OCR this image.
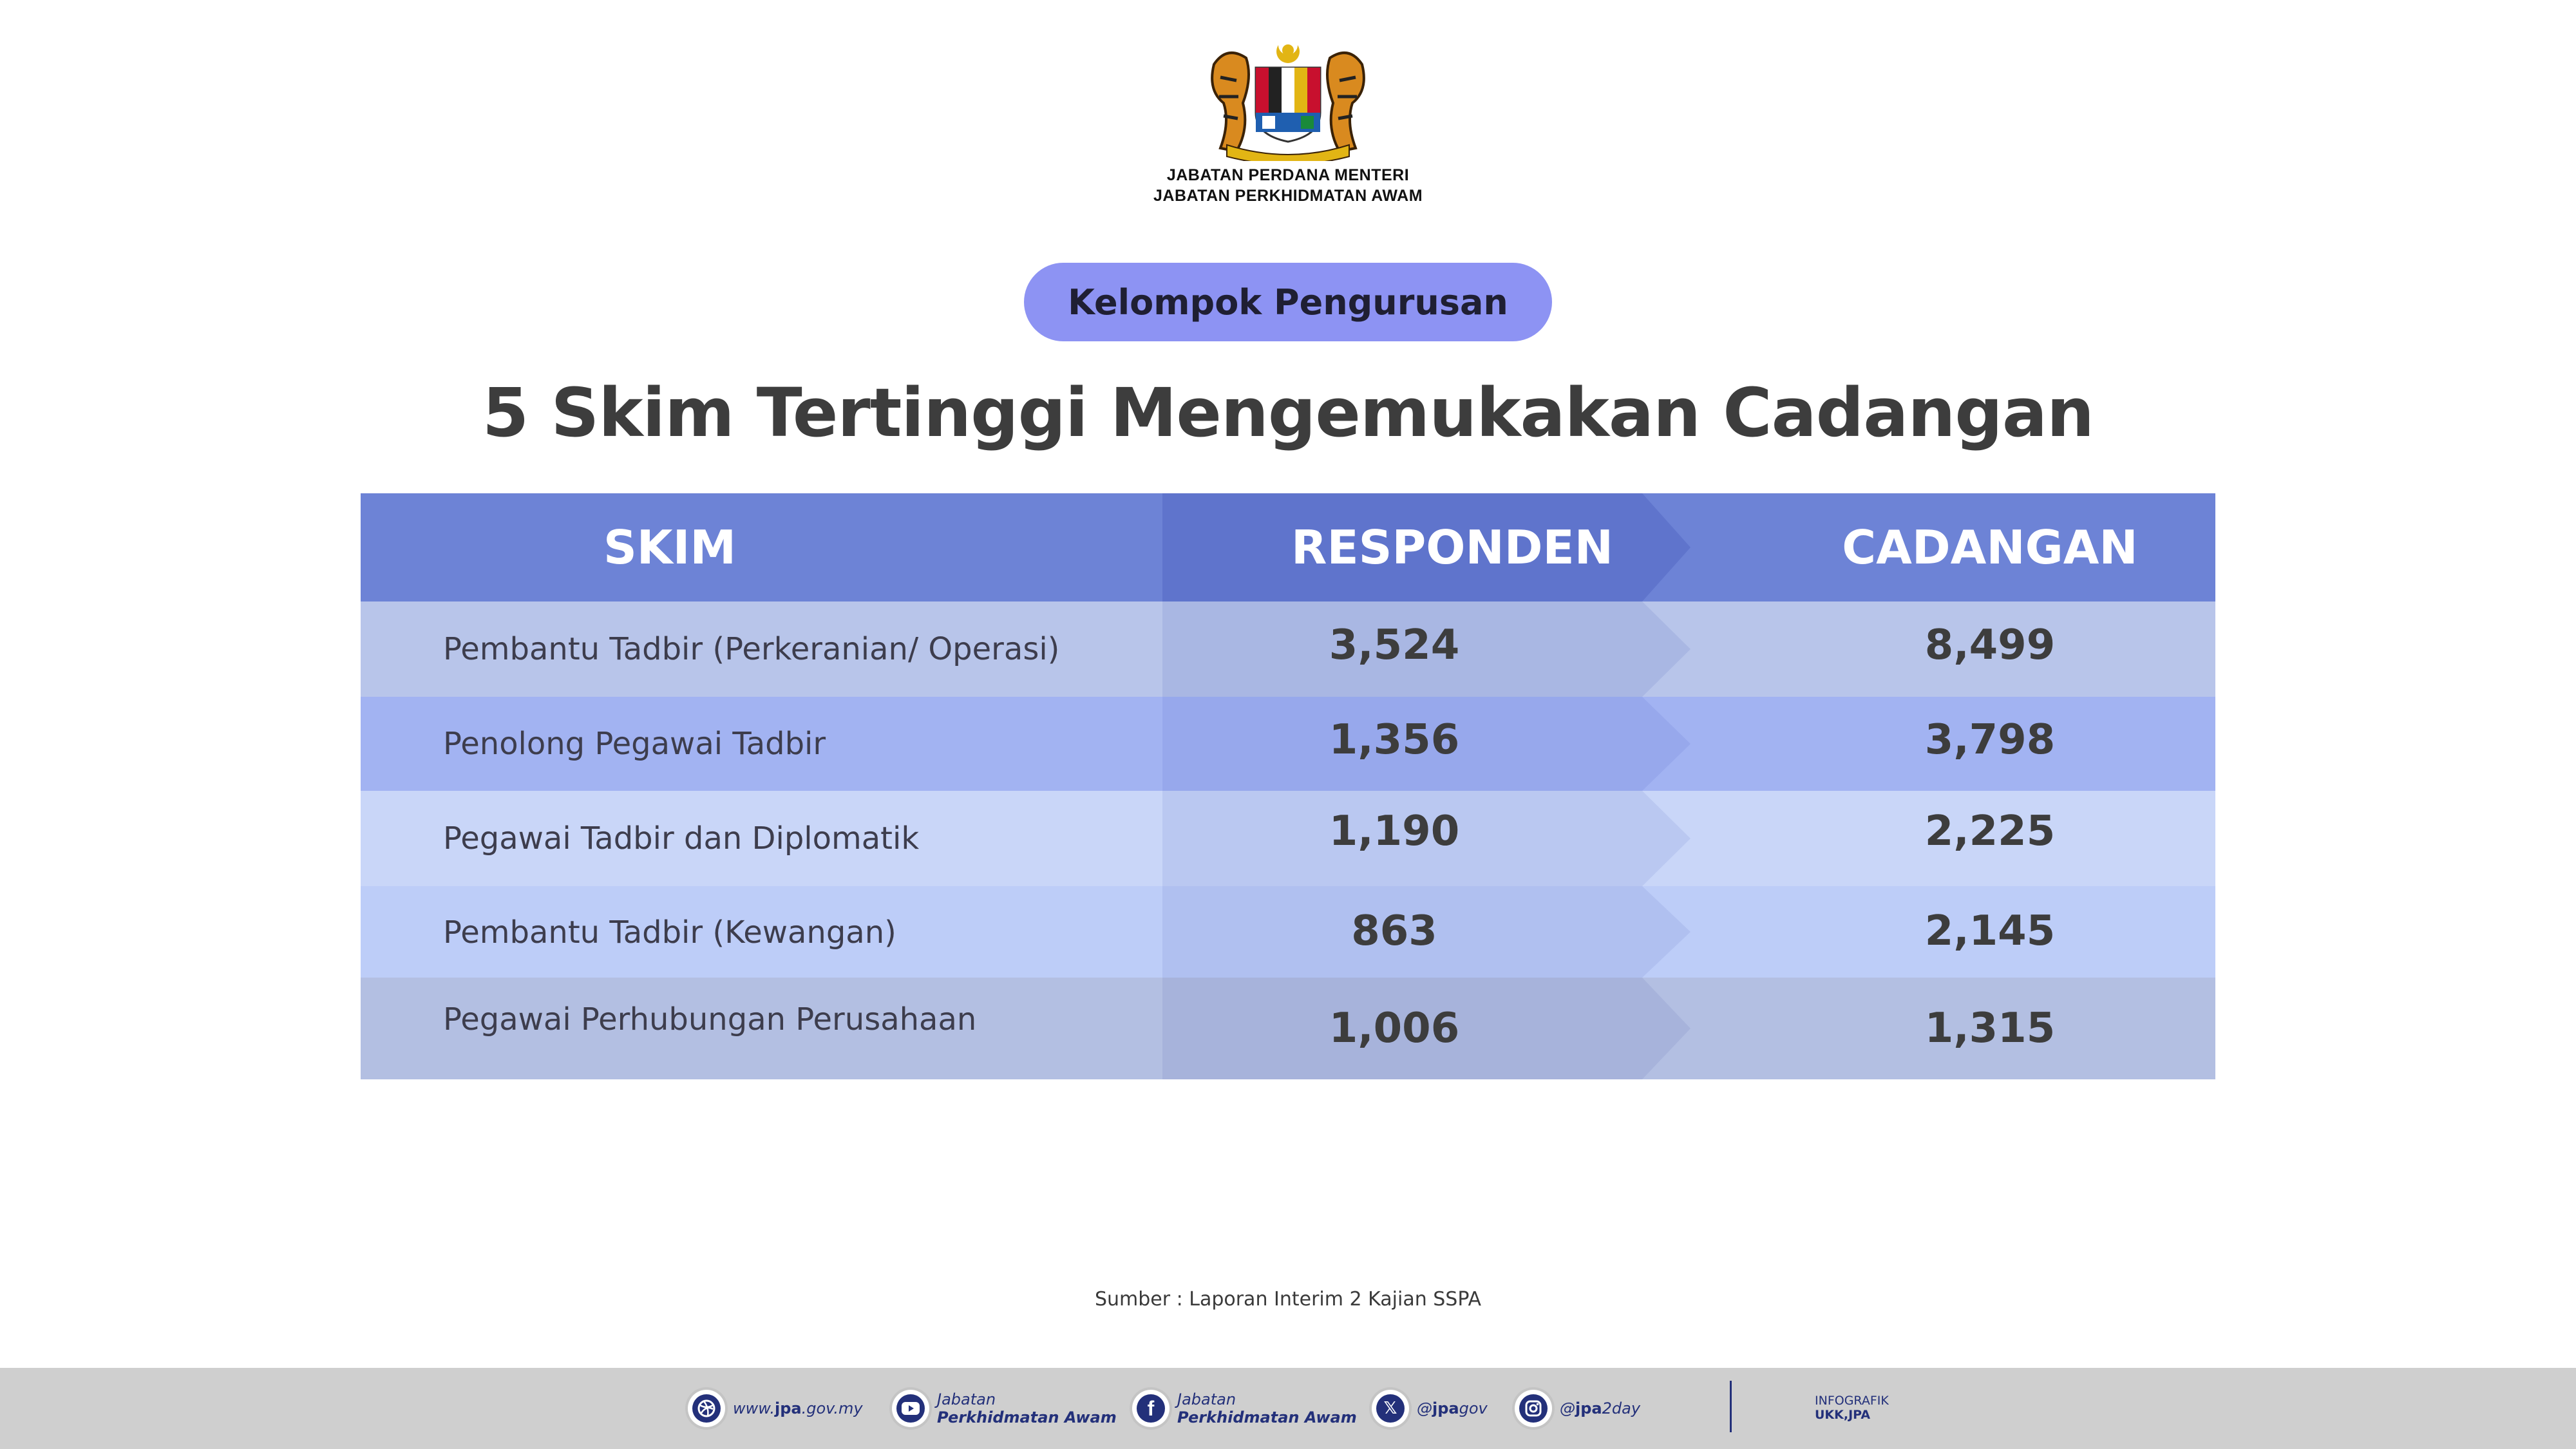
JABATAN PERDANA MENTERI
JABATAN PERKHIDMATAN AWAM
Kelompok Pengurusan
5 Skim Tertinggi Mengemukakan Cadangan
SKIM	RESPONDEN	CADANGAN
Pembantu Tadbir (Perkeranian/ Operasi)	3,524	8,499
Penolong Pegawai Tadbir	1,356	3,798
Pegawai Tadbir dan Diplomatik	1,190	2,225
Pembantu Tadbir (Kewangan)	863	2,145
Pegawai Perhubungan Perusahaan	1,006	1,315
Sumber : Laporan Interim 2 Kajian SSPA
www.jpa.gov.my	Jabatan
Perkhidmatan Awam	f	Jabatan
Perkhidmatan Awam	𝕏	@jpagov	@jpa2day	INFOGRAFIK
UKK,JPA
